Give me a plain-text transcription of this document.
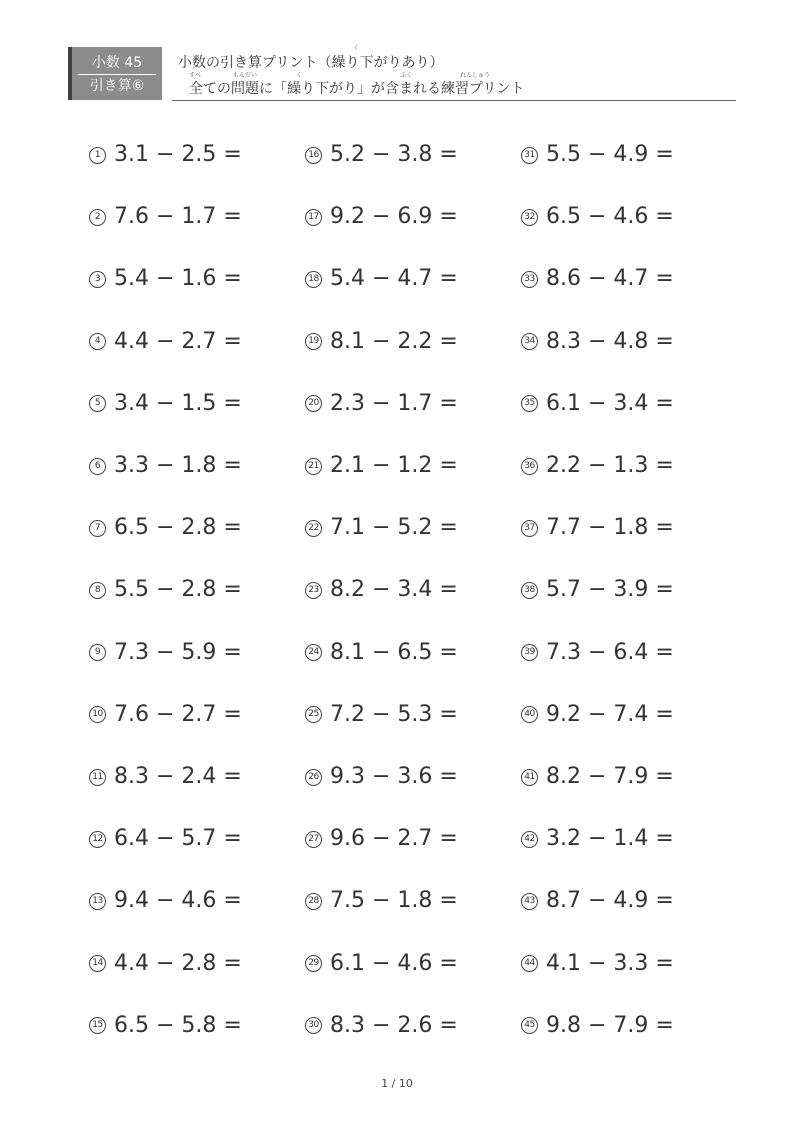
小数 45
引き算⑥
く
小数の引き算プリント（繰り下がりあり）
すべ	もんだい	く	ふく	れんしゅう
全ての問題に「繰り下がり」が含まれる練習プリント
1 3.1 − 2.5 =
2 7.6 − 1.7 =
3 5.4 − 1.6 =
4 4.4 − 2.7 =
5 3.4 − 1.5 =
6 3.3 − 1.8 =
7 6.5 − 2.8 =
8 5.5 − 2.8 =
9 7.3 − 5.9 =
10 7.6 − 2.7 =
11 8.3 − 2.4 =
12 6.4 − 5.7 =
13 9.4 − 4.6 =
14 4.4 − 2.8 =
15 6.5 − 5.8 =
16 5.2 − 3.8 =
17 9.2 − 6.9 =
18 5.4 − 4.7 =
19 8.1 − 2.2 =
20 2.3 − 1.7 =
21 2.1 − 1.2 =
22 7.1 − 5.2 =
23 8.2 − 3.4 =
24 8.1 − 6.5 =
25 7.2 − 5.3 =
26 9.3 − 3.6 =
27 9.6 − 2.7 =
28 7.5 − 1.8 =
29 6.1 − 4.6 =
30 8.3 − 2.6 =
31 5.5 − 4.9 =
32 6.5 − 4.6 =
33 8.6 − 4.7 =
34 8.3 − 4.8 =
35 6.1 − 3.4 =
36 2.2 − 1.3 =
37 7.7 − 1.8 =
38 5.7 − 3.9 =
39 7.3 − 6.4 =
40 9.2 − 7.4 =
41 8.2 − 7.9 =
42 3.2 − 1.4 =
43 8.7 − 4.9 =
44 4.1 − 3.3 =
45 9.8 − 7.9 =
1 / 10
